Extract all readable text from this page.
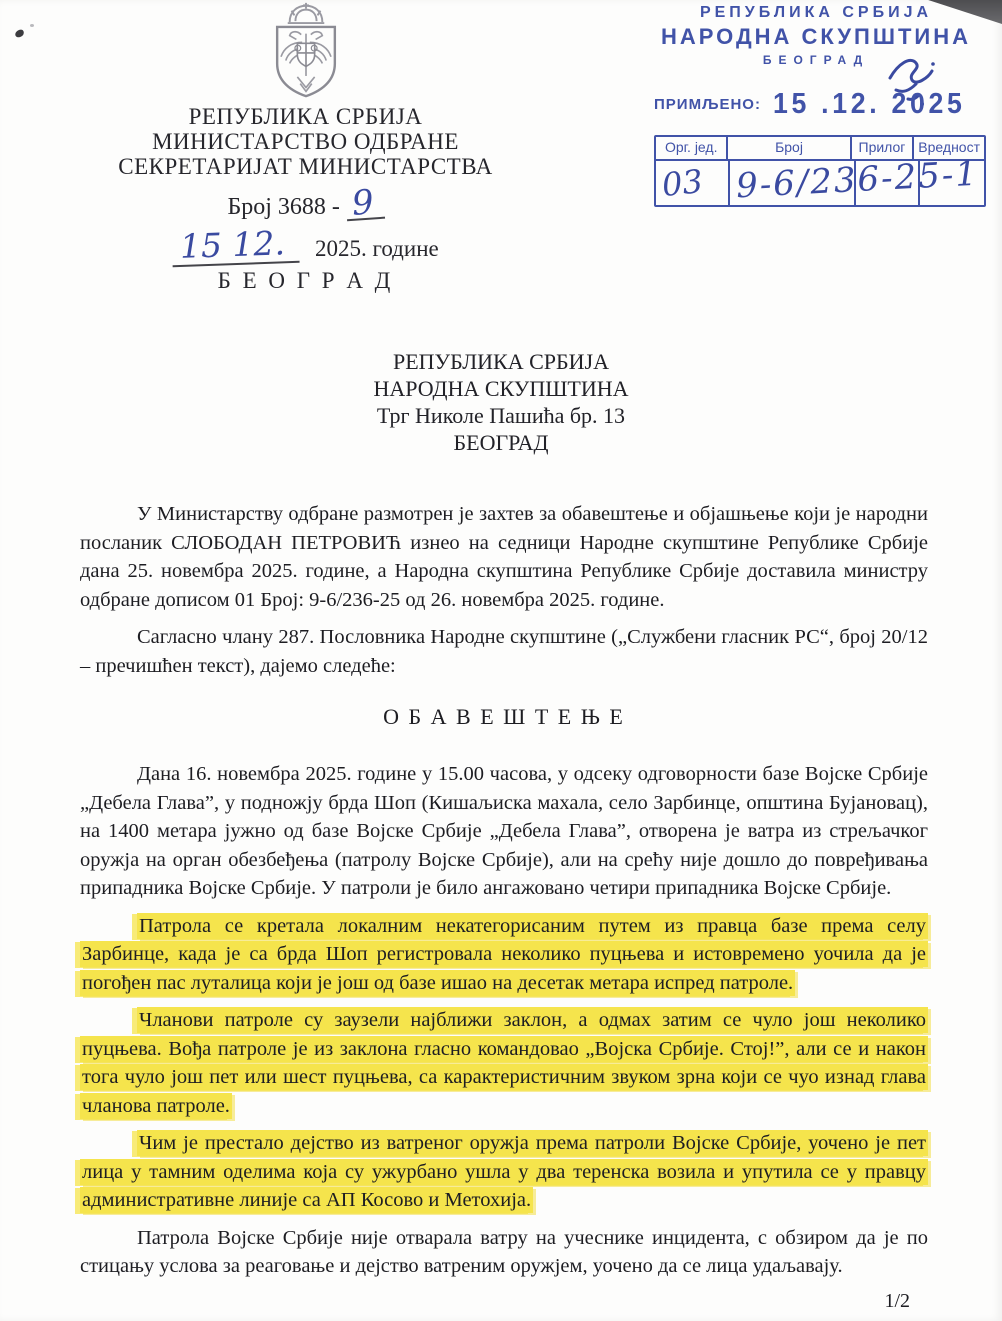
РЕПУБЛИКА СРБИЈА
МИНИСТАРСТВО ОДБРАНЕ
СЕКРЕТАРИЈАТ МИНИСТАРСТВА
Број 3688 - 9
15 12. 2025. године
Б Е О Г Р А Д
РЕПУБЛИКА СРБИЈА
НАРОДНА СКУПШТИНА
БЕОГРАД
ПРИМЉЕНО: 15 .12. 2025
Орг. јед.	Број	Прилог Вредност
03 9-6/236-25-1
РЕПУБЛИКА СРБИЈА
НАРОДНА СКУПШТИНА
Трг Николе Пашића бр. 13
БЕОГРАД

У Министарству одбране размотрен је захтев за обавештење и објашњење који је народни посланик СЛОБОДАН ПЕТРОВИЋ изнео на седници Народне скупштине Републике Србије дана 25. новембра 2025. године, а Народна скупштина Републике Србије доставила министру одбране дописом 01 Број: 9-6/236-25 од 26. новембра 2025. године.

Сагласно члану 287. Пословника Народне скупштине („Службени гласник РС“, број 20/12 – пречишћен текст), дајемо следеће:

О Б А В Е Ш Т Е Њ Е

Дана 16. новембра 2025. године у 15.00 часова, у одсеку одговорности базе Војске Србије „Дебела Глава”, у подножју брда Шоп (Кишаљиска махала, село Зарбинце, општина Бујановац), на 1400 метара јужно од базе Војске Србије „Дебела Глава”, отворена је ватра из стрељачког оружја на орган обезбеђења (патролу Војске Србије), али на срећу није дошло до повређивања припадника Војске Србије. У патроли је било ангажовано четири припадника Војске Србије.

Патрола се кретала локалним некатегорисаним путем из правца базе према селу Зарбинце, када је са брда Шоп регистровала неколико пуцњева и истовремено уочила да је погођен пас луталица који је још од базе ишао на десетак метара испред патроле.

Чланови патроле су заузели најближи заклон, а одмах затим се чуло још неколико пуцњева. Вођа патроле је из заклона гласно командовао „Војска Србије. Стој!”, али се и након тога чуло још пет или шест пуцњева, са карактеристичним звуком зрна који се чуо изнад глава чланова патроле.

Чим је престало дејство из ватреног оружја према патроли Војске Србије, уочено је пет лица у тамним оделима која су ужурбано ушла у два теренска возила и упутила се у правцу административне линије са АП Косово и Метохија.

Патрола Војске Србије није отварала ватру на учеснике инцидента, с обзиром да је по стицању услова за реаговање и дејство ватреним оружјем, уочено да се лица удаљавају.

1/2
